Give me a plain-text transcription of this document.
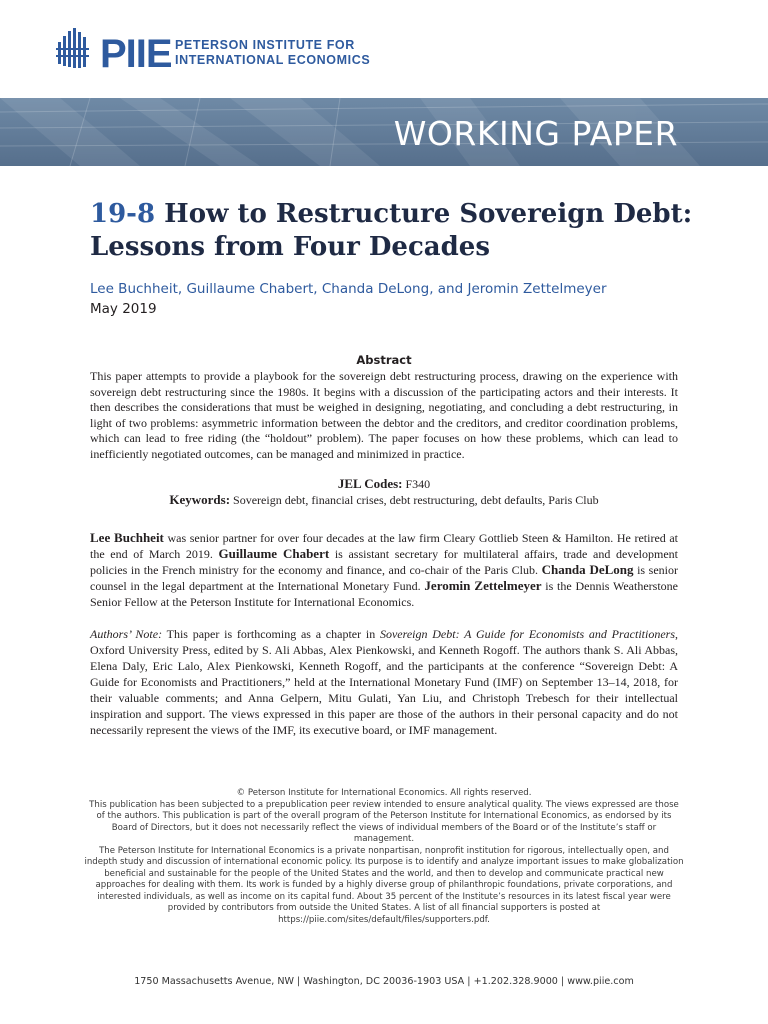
PIIE PETERSON INSTITUTE FOR
INTERNATIONAL ECONOMICS
WORKING PAPER
19-8 How to Restructure Sovereign Debt:
Lessons from Four Decades
Lee Buchheit, Guillaume Chabert, Chanda DeLong, and Jeromin Zettelmeyer
May 2019
Abstract
This paper attempts to provide a playbook for the sovereign debt restructuring process, drawing on the experience with sovereign debt restructuring since the 1980s. It begins with a discussion of the participating actors and their interests. It then describes the considerations that must be weighed in designing, negotiating, and concluding a debt restructuring, in light of two problems: asymmetric information between the debtor and the creditors, and creditor coordination problems, which can lead to free riding (the “holdout” problem). The paper focuses on how these problems, which can lead to inefficiently negotiated outcomes, can be managed and minimized in practice.
JEL Codes: F340
Keywords: Sovereign debt, financial crises, debt restructuring, debt defaults, Paris Club
Lee Buchheit was senior partner for over four decades at the law firm Cleary Gottlieb Steen & Hamilton. He retired at the end of March 2019. Guillaume Chabert is assistant secretary for multilateral affairs, trade and development policies in the French ministry for the economy and finance, and co-chair of the Paris Club. Chanda DeLong is senior counsel in the legal department at the International Monetary Fund. Jeromin Zettelmeyer is the Dennis Weatherstone Senior Fellow at the Peterson Institute for International Economics.
Authors’ Note: This paper is forthcoming as a chapter in Sovereign Debt: A Guide for Economists and Practitioners, Oxford University Press, edited by S. Ali Abbas, Alex Pienkowski, and Kenneth Rogoff. The authors thank S. Ali Abbas, Elena Daly, Eric Lalo, Alex Pienkowski, Kenneth Rogoff, and the participants at the conference “Sovereign Debt: A Guide for Economists and Practitioners,” held at the International Monetary Fund (IMF) on September 13–14, 2018, for their valuable comments; and Anna Gelpern, Mitu Gulati, Yan Liu, and Christoph Trebesch for their intellectual inspiration and support. The views expressed in this paper are those of the authors in their personal capacity and do not necessarily represent the views of the IMF, its executive board, or IMF management.

© Peterson Institute for International Economics. All rights reserved.

This publication has been subjected to a prepublication peer review intended to ensure analytical quality. The views expressed are those of the authors. This publication is part of the overall program of the Peterson Institute for International Economics, as endorsed by its Board of Directors, but it does not necessarily reflect the views of individual members of the Board or of the Institute’s staff or management.

The Peterson Institute for International Economics is a private nonpartisan, nonprofit institution for rigorous, intellectually open, and indepth study and discussion of international economic policy. Its purpose is to identify and analyze important issues to make globalization beneficial and sustainable for the people of the United States and the world, and then to develop and communicate practical new approaches for dealing with them. Its work is funded by a highly diverse group of philanthropic foundations, private corporations, and interested individuals, as well as income on its capital fund. About 35 percent of the Institute’s resources in its latest fiscal year were provided by contributors from outside the United States. A list of all financial supporters is posted at https://piie.com/sites/default/files/supporters.pdf.

1750 Massachusetts Avenue, NW | Washington, DC 20036-1903 USA | +1.202.328.9000 | www.piie.com
